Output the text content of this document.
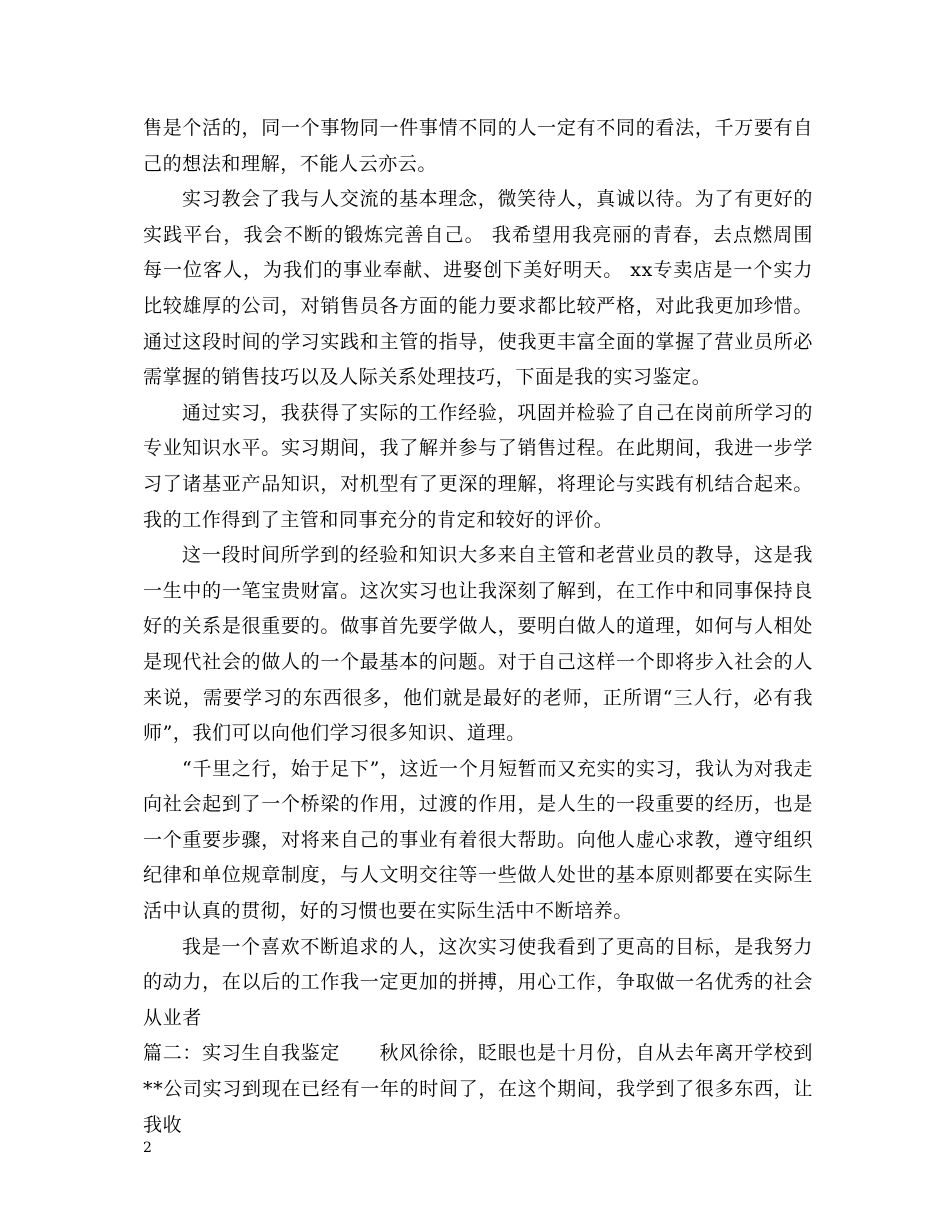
售是个活的，同一个事物同一件事情不同的人一定有不同的看法，千万要有自己的想法和理解，不能人云亦云。

实习教会了我与人交流的基本理念，微笑待人，真诚以待。为了有更好的实践平台，我会不断的锻炼完善自己。 我希望用我亮丽的青春，去点燃周围每一位客人，为我们的事业奉献、进娶创下美好明天。 xx专卖店是一个实力比较雄厚的公司，对销售员各方面的能力要求都比较严格，对此我更加珍惜。通过这段时间的学习实践和主管的指导，使我更丰富全面的掌握了营业员所必需掌握的销售技巧以及人际关系处理技巧，下面是我的实习鉴定。

通过实习，我获得了实际的工作经验，巩固并检验了自己在岗前所学习的专业知识水平。实习期间，我了解并参与了销售过程。在此期间，我进一步学习了诸基亚产品知识，对机型有了更深的理解，将理论与实践有机结合起来。我的工作得到了主管和同事充分的肯定和较好的评价。

这一段时间所学到的经验和知识大多来自主管和老营业员的教导，这是我一生中的一笔宝贵财富。这次实习也让我深刻了解到，在工作中和同事保持良好的关系是很重要的。做事首先要学做人，要明白做人的道理，如何与人相处是现代社会的做人的一个最基本的问题。对于自己这样一个即将步入社会的人来说，需要学习的东西很多，他们就是最好的老师，正所谓“三人行，必有我师”，我们可以向他们学习很多知识、道理。

“千里之行，始于足下”，这近一个月短暂而又充实的实习，我认为对我走向社会起到了一个桥梁的作用，过渡的作用，是人生的一段重要的经历，也是一个重要步骤，对将来自己的事业有着很大帮助。向他人虚心求教，遵守组织纪律和单位规章制度，与人文明交往等一些做人处世的基本原则都要在实际生活中认真的贯彻，好的习惯也要在实际生活中不断培养。

我是一个喜欢不断追求的人，这次实习使我看到了更高的目标，是我努力的动力，在以后的工作我一定更加的拼搏，用心工作，争取做一名优秀的社会从业者

篇二：实习生自我鉴定　　秋风徐徐，眨眼也是十月份，自从去年离开学校到**公司实习到现在已经有一年的时间了，在这个期间，我学到了很多东西，让我收

2
